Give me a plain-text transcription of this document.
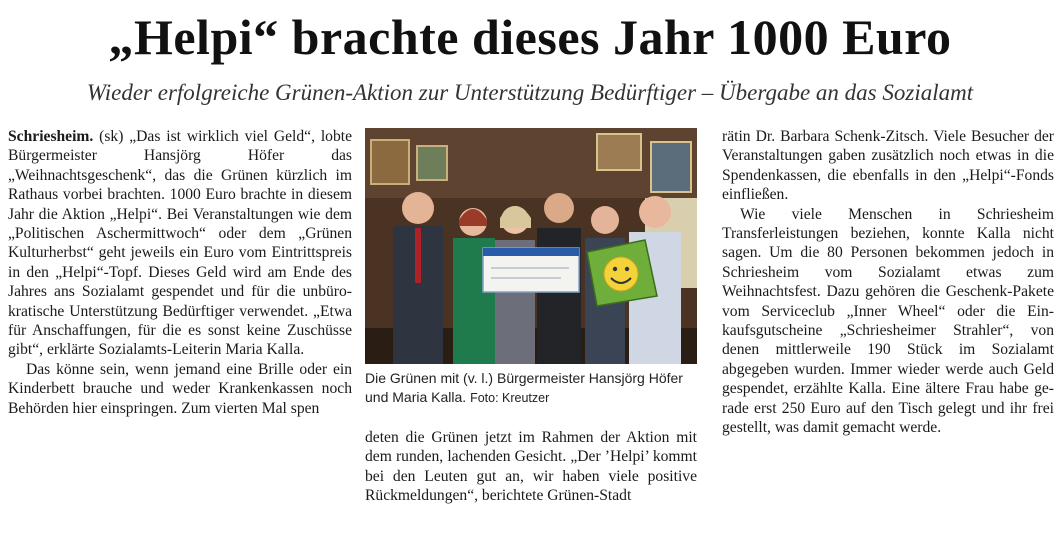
„Helpi“ brachte dieses Jahr 1000 Euro
Wieder erfolgreiche Grünen-Aktion zur Unterstützung Bedürftiger – Übergabe an das Sozialamt

Schriesheim. (sk) „Das ist wirklich viel Geld“, lobte Bürgermeister Hansjörg Höfer das „Weihnachtsgeschenk“, das die Grünen kürzlich im Rathaus vorbei brachten. 1000 Euro brachte in diesem Jahr die Aktion „Helpi“. Bei Veranstaltungen wie dem „Politischen Aschermittwoch“ oder dem „Grünen Kulturherbst“ geht jeweils ein Euro vom Eintrittspreis in den „Helpi“-Topf. Dieses Geld wird am Ende des Jahres ans Sozialamt gespendet und für die unbürokratische Unterstützung Bedürftiger verwendet. „Etwa für Anschaffungen, für die es sonst keine Zuschüsse gibt“, erklärte Sozialamts-Leiterin Maria Kalla.

Das könne sein, wenn jemand eine Brille oder ein Kinderbett brauche und weder Krankenkassen noch Behörden hier einspringen. Zum vierten Mal spen

Die Grünen mit (v. l.) Bürgermeister Hansjörg Höfer und Maria Kalla. Foto: Kreutzer

deten die Grünen jetzt im Rahmen der Aktion mit dem runden, lachenden Gesicht. „Der ’Helpi’ kommt bei den Leuten gut an, wir haben viele positive Rückmeldungen“, berichtete Grünen-Stadt

rätin Dr. Barbara Schenk-Zitsch. Viele Besucher der Veranstaltungen gaben zusätzlich noch etwas in die Spendenkassen, die ebenfalls in den „Helpi“-Fonds einfließen.

Wie viele Menschen in Schriesheim Transferleistungen beziehen, konnte Kalla nicht sagen. Um die 80 Personen bekommen jedoch in Schriesheim vom Sozialamt etwas zum Weihnachtsfest. Dazu gehören die Geschenk-Pakete vom Serviceclub „Inner Wheel“ oder die Einkaufsgutscheine „Schriesheimer Strahler“, von denen mittlerweile 190 Stück im Sozialamt abgegeben wurden. Immer wieder werde auch Geld gespendet, erzählte Kalla. Eine ältere Frau habe gerade erst 250 Euro auf den Tisch gelegt und ihr frei gestellt, was damit gemacht werde.
